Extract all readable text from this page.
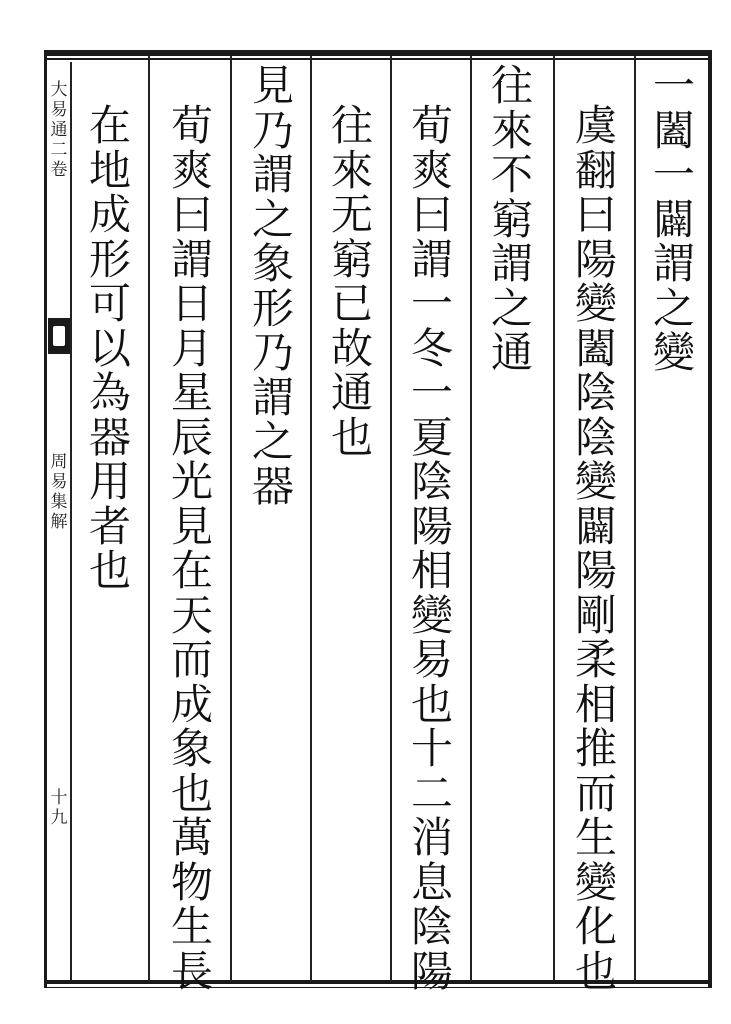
大
易
通
二
卷
周
易
集
解
十
九
一
闔
一
闢
謂
之
變
虞
翻
曰
陽
變
闔
陰
陰
變
闢
陽
剛
柔
相
推
而
生
變
化
也
往
來
不
窮
謂
之
通
荀
爽
曰
謂
一
冬
一
夏
陰
陽
相
變
易
也
十
二
消
息
陰
陽
往
來
无
窮
已
故
通
也
見
乃
謂
之
象
形
乃
謂
之
器
荀
爽
曰
謂
日
月
星
辰
光
見
在
天
而
成
象
也
萬
物
生
長
在
地
成
形
可
以
為
器
用
者
也
